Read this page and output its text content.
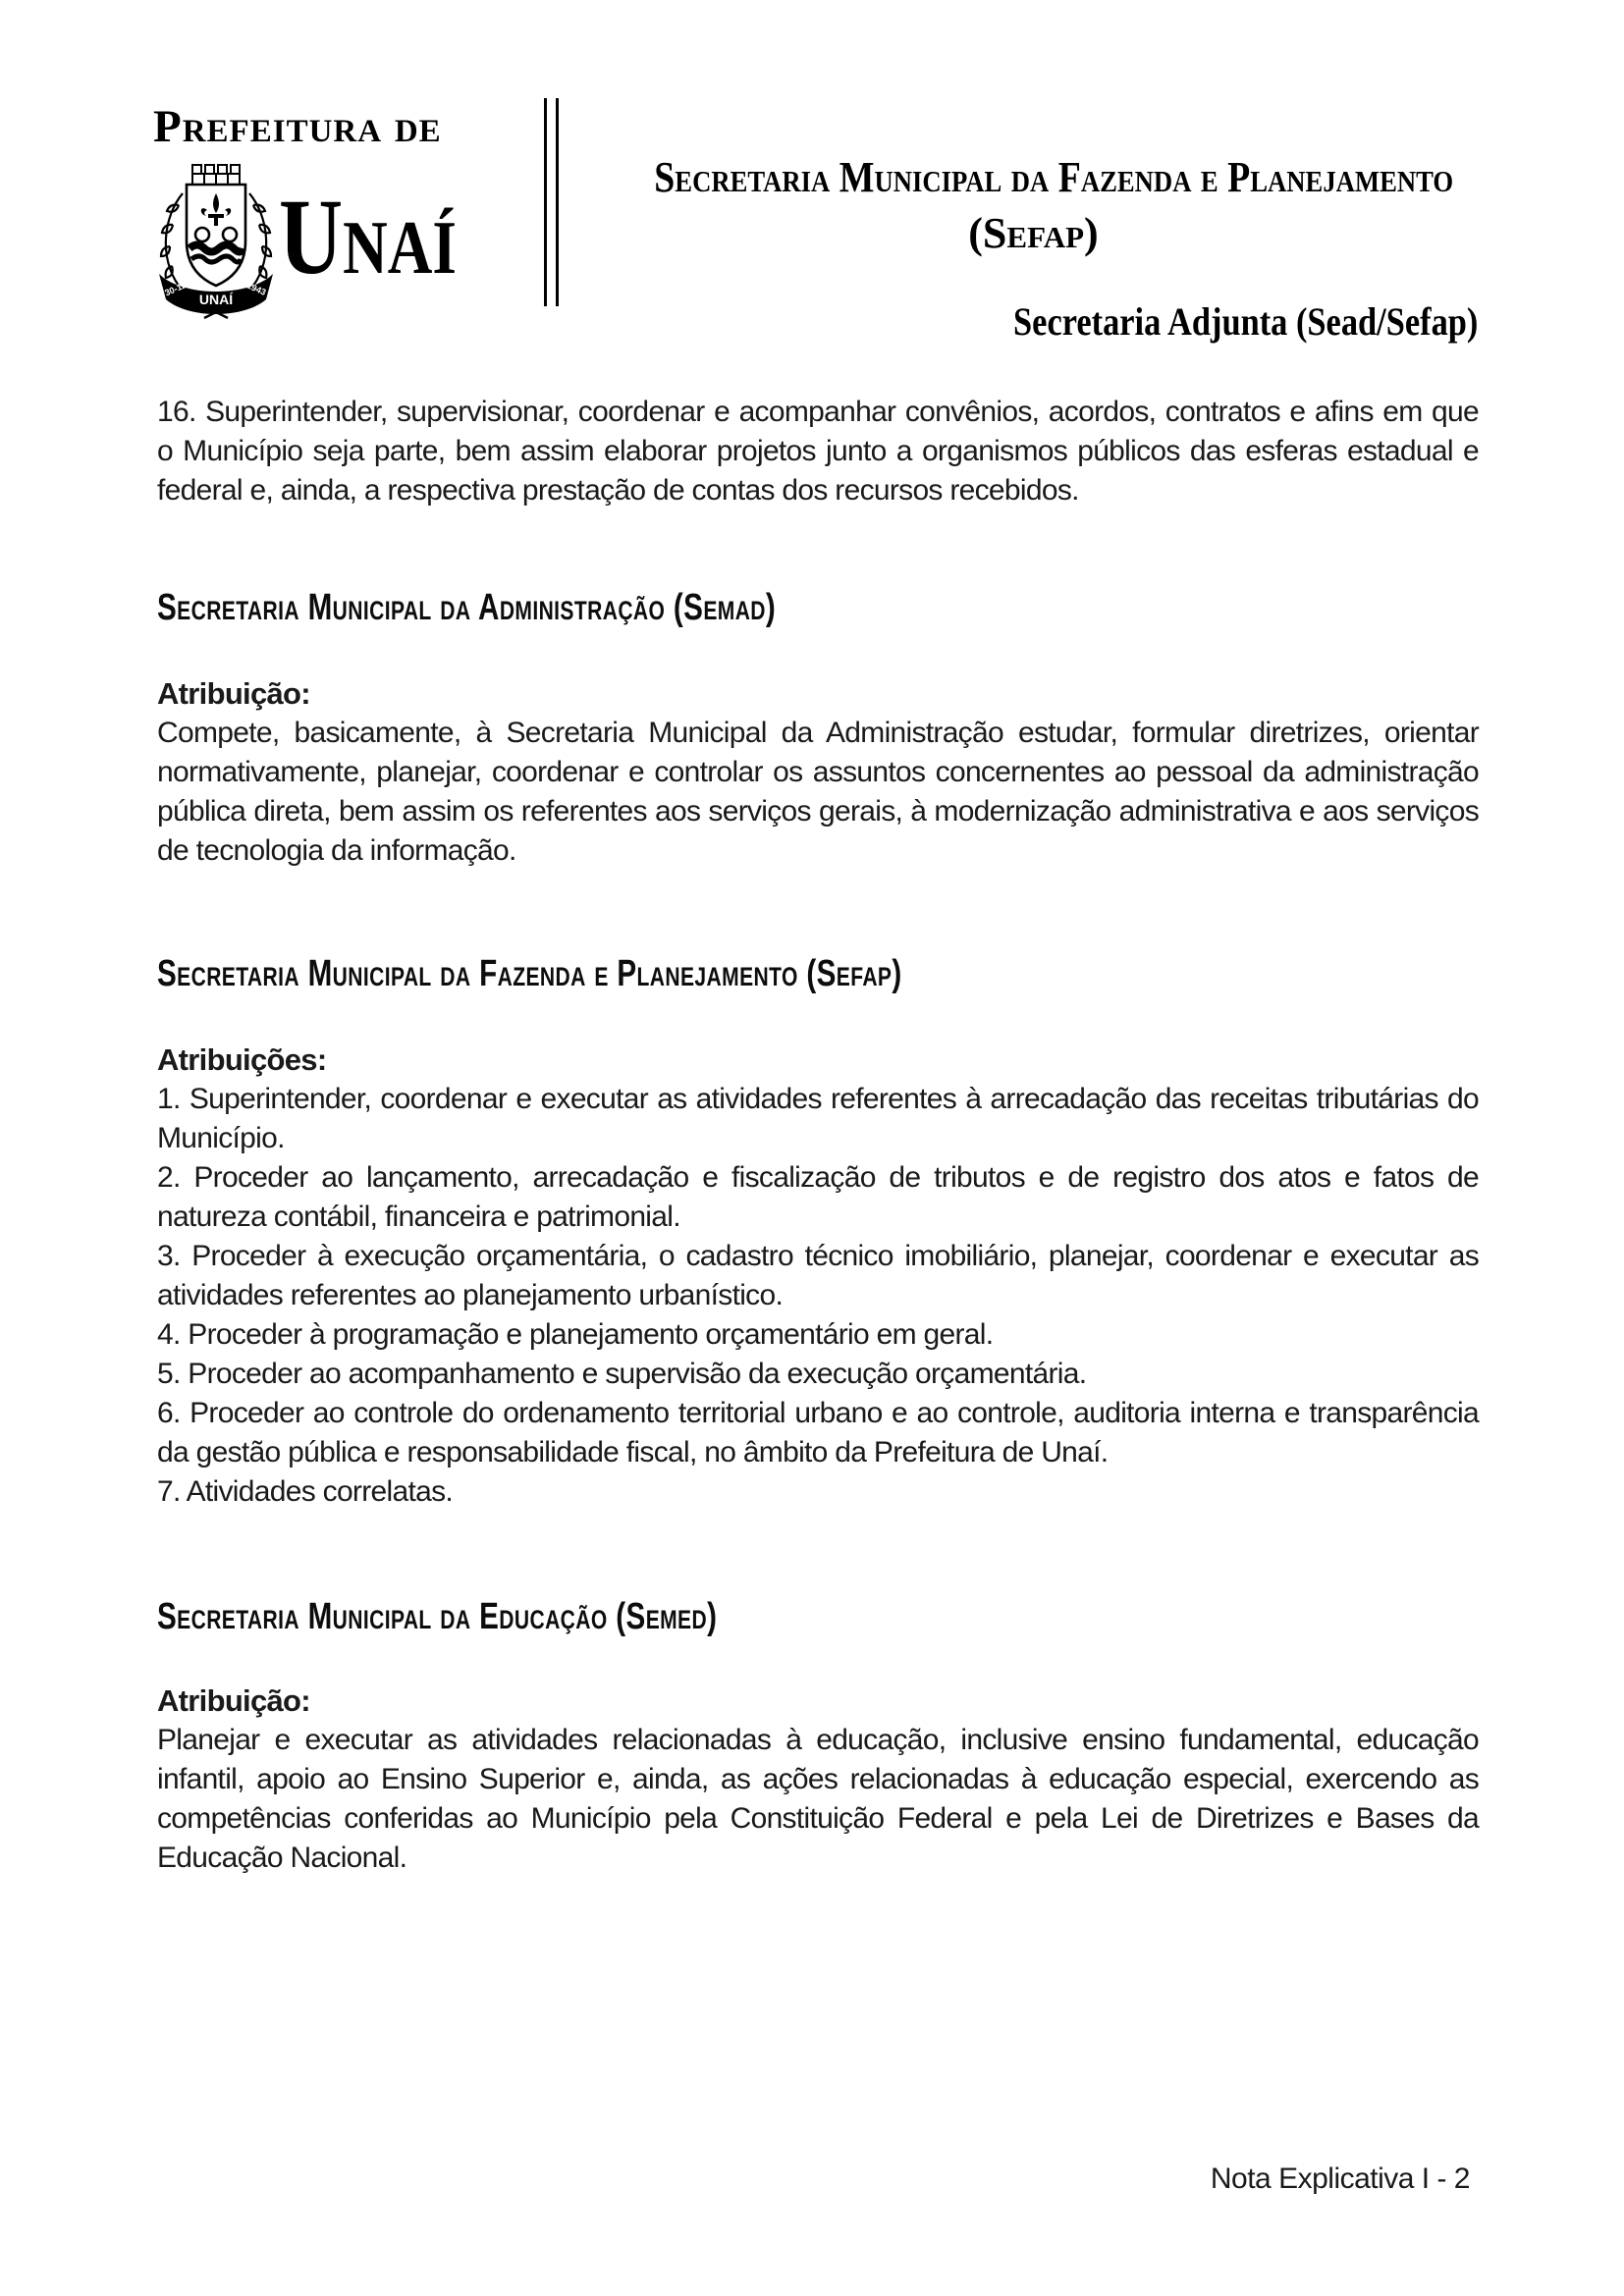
Prefeitura de
UNAÍ
30-12	1943 Unaí	Secretaria Municipal da Fazenda e Planejamento
(Sefap)
Secretaria Adjunta (Sead/Sefap)

16. Superintender, supervisionar, coordenar e acompanhar convênios, acordos, contratos e afins em que o Município seja parte, bem assim elaborar projetos junto a organismos públicos das esferas estadual e federal e, ainda, a respectiva prestação de contas dos recursos recebidos.

Secretaria Municipal da Administração (Semad)

Atribuição:

Compete, basicamente, à Secretaria Municipal da Administração estudar, formular diretrizes, orientar normativamente, planejar, coordenar e controlar os assuntos concernentes ao pessoal da administração pública direta, bem assim os referentes aos serviços gerais, à modernização administrativa e aos serviços de tecnologia da informação.

Secretaria Municipal da Fazenda e Planejamento (Sefap)

Atribuições:

1. Superintender, coordenar e executar as atividades referentes à arrecadação das receitas tributárias do Município.

2. Proceder ao lançamento, arrecadação e fiscalização de tributos e de registro dos atos e fatos de natureza contábil, financeira e patrimonial.

3. Proceder à execução orçamentária, o cadastro técnico imobiliário, planejar, coordenar e executar as atividades referentes ao planejamento urbanístico.

4. Proceder à programação e planejamento orçamentário em geral.

5. Proceder ao acompanhamento e supervisão da execução orçamentária.

6. Proceder ao controle do ordenamento territorial urbano e ao controle, auditoria interna e transparência da gestão pública e responsabilidade fiscal, no âmbito da Prefeitura de Unaí.

7. Atividades correlatas.

Secretaria Municipal da Educação (Semed)

Atribuição:

Planejar e executar as atividades relacionadas à educação, inclusive ensino fundamental, educação infantil, apoio ao Ensino Superior e, ainda, as ações relacionadas à educação especial, exercendo as competências conferidas ao Município pela Constituição Federal e pela Lei de Diretrizes e Bases da Educação Nacional.

Nota Explicativa I - 2
